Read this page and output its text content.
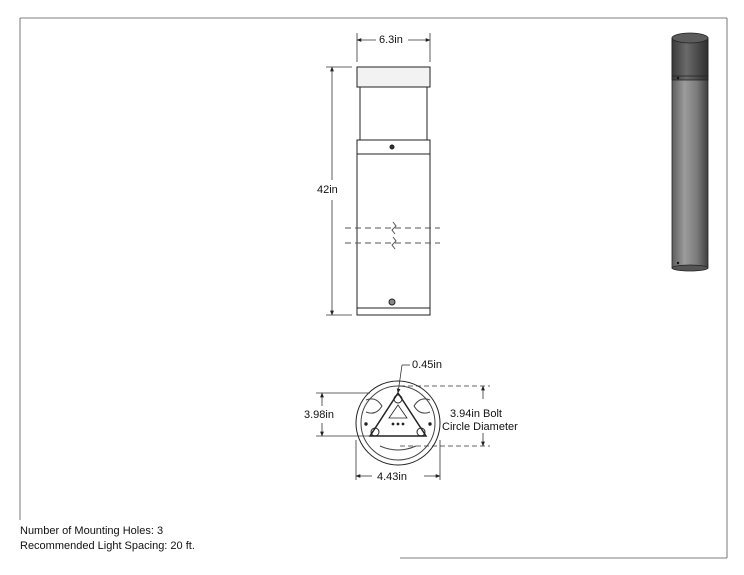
6.3in
42in
0.45in
3.98in	3.94in Bolt
Circle Diameter
4.43in
Number of Mounting Holes: 3
Recommended Light Spacing: 20 ft.
